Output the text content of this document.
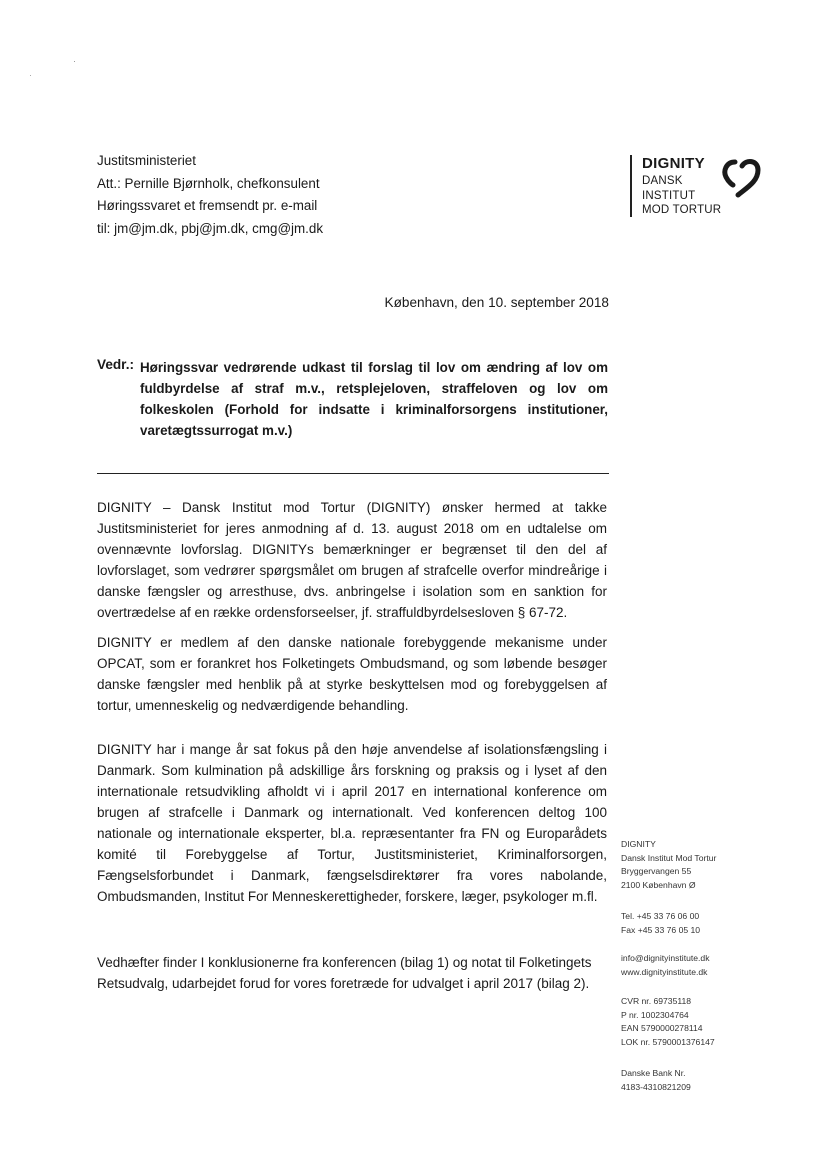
Justitsministeriet
Att.: Pernille Bjørnholk, chefkonsulent
Høringssvaret et fremsendt pr. e-mail
til: jm@jm.dk, pbj@jm.dk, cmg@jm.dk
DIGNITY
DANSK
INSTITUT
MOD TORTUR
København, den 10. september 2018
Vedr.: Høringssvar vedrørende udkast til forslag til lov om ændring af lov om fuldbyrdelse af straf m.v., retsplejeloven, straffeloven og lov om folkeskolen (Forhold for indsatte i kriminalforsorgens institutioner, varetægtssurrogat m.v.)
DIGNITY – Dansk Institut mod Tortur (DIGNITY) ønsker hermed at takke Justitsministeriet for jeres anmodning af d. 13. august 2018 om en udtalelse om ovennævnte lovforslag. DIGNITYs bemærkninger er begrænset til den del af lovforslaget, som vedrører spørgsmålet om brugen af strafcelle overfor mindreårige i danske fængsler og arresthuse, dvs. anbringelse i isolation som en sanktion for overtrædelse af en række ordensforseelser, jf. straffuldbyrdelsesloven § 67-72.
DIGNITY er medlem af den danske nationale forebyggende mekanisme under OPCAT, som er forankret hos Folketingets Ombudsmand, og som løbende besøger danske fængsler med henblik på at styrke beskyttelsen mod og forebyggelsen af tortur, umenneskelig og nedværdigende behandling.
DIGNITY har i mange år sat fokus på den høje anvendelse af isolationsfængsling i Danmark. Som kulmination på adskillige års forskning og praksis og i lyset af den internationale retsudvikling afholdt vi i april 2017 en international konference om brugen af strafcelle i Danmark og internationalt. Ved konferencen deltog 100 nationale og internationale eksperter, bl.a. repræsentanter fra FN og Europarådets komité til Forebyggelse af Tortur, Justitsministeriet, Kriminalforsorgen, Fængselsforbundet i Danmark, fængselsdirektører fra vores nabolande, Ombudsmanden, Institut For Menneskerettigheder, forskere, læger, psykologer m.fl.
Vedhæfter finder I konklusionerne fra konferencen (bilag 1) og notat til Folketingets Retsudvalg, udarbejdet forud for vores foretræde for udvalget i april 2017 (bilag 2).
DIGNITY
Dansk Institut Mod Tortur
Bryggervangen 55
2100 København Ø
Tel. +45 33 76 06 00
Fax +45 33 76 05 10
info@dignityinstitute.dk
www.dignityinstitute.dk
CVR nr. 69735118
P nr. 1002304764
EAN 5790000278114
LOK nr. 5790001376147
Danske Bank Nr.
4183-4310821209
